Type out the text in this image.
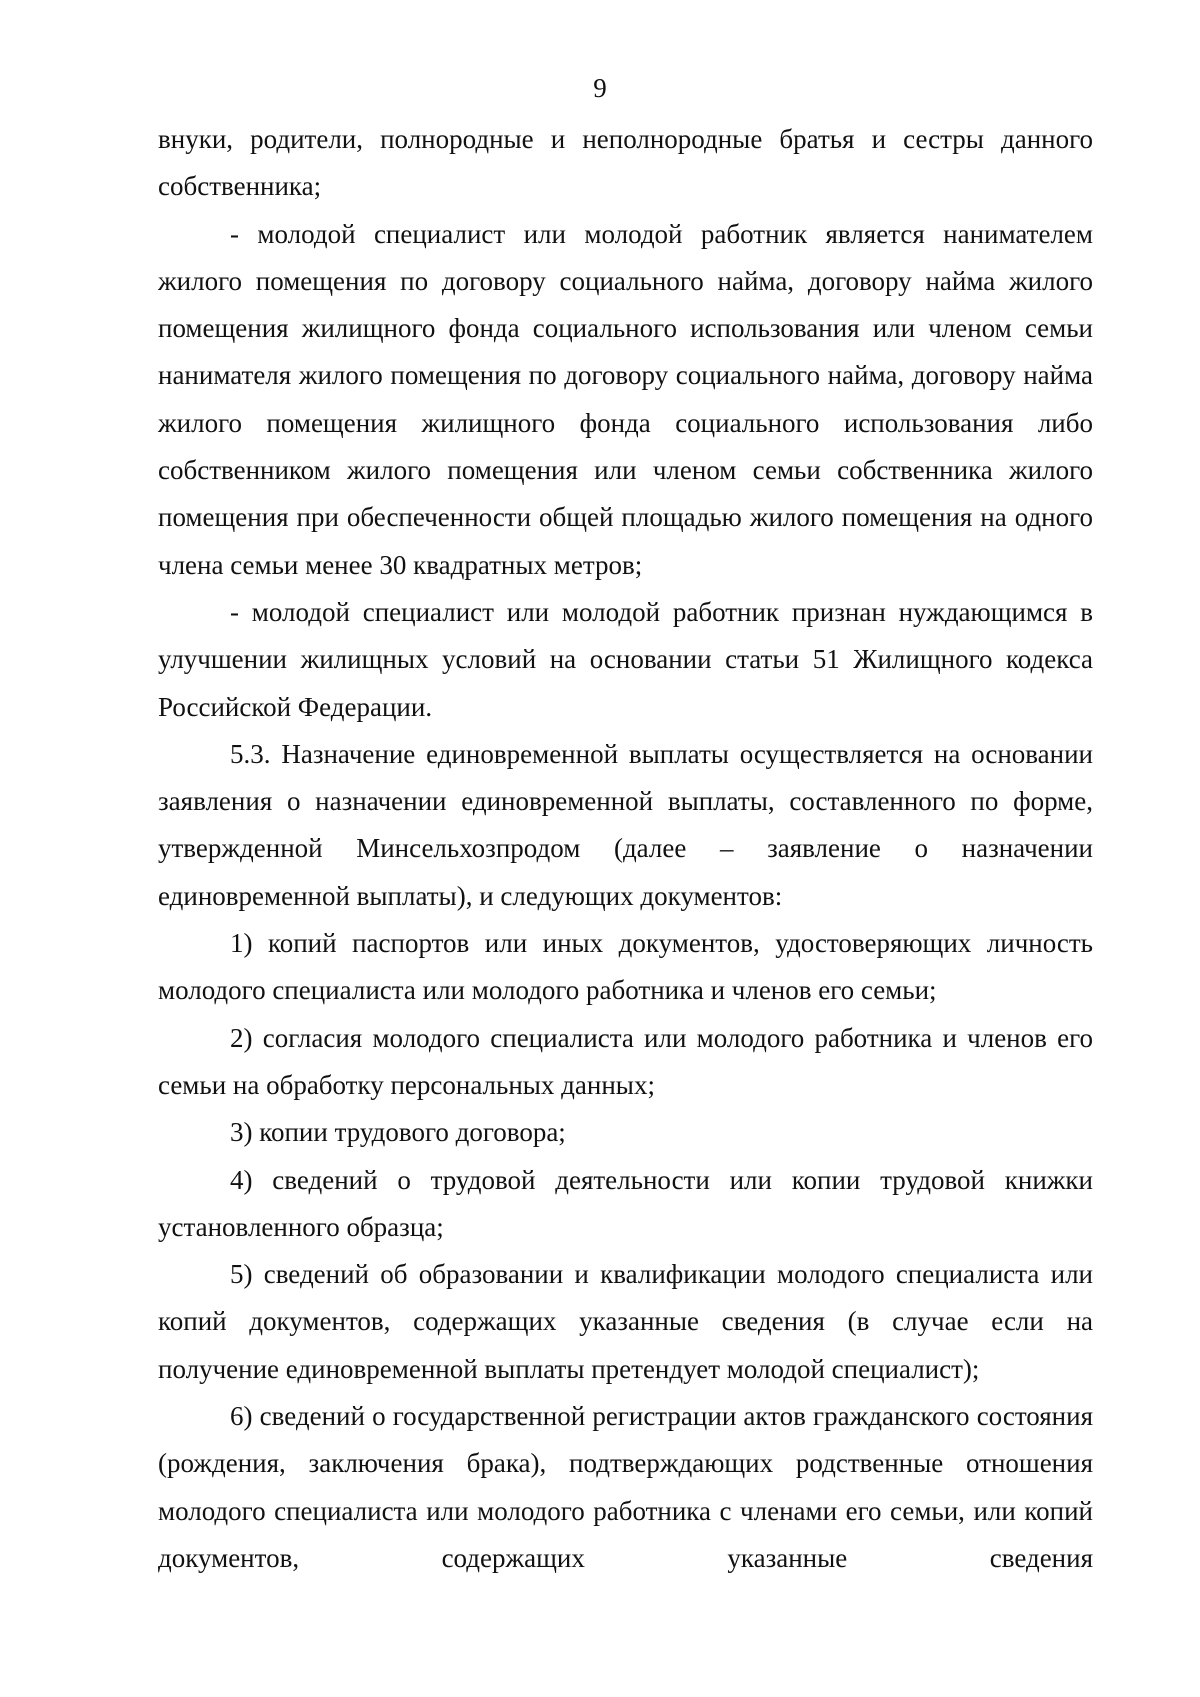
9

внуки, родители, полнородные и неполнородные братья и сестры данного собственника;

- молодой специалист или молодой работник является нанимателем жилого помещения по договору социального найма, договору найма жилого помещения жилищного фонда социального использования или членом семьи нанимателя жилого помещения по договору социального найма, договору найма жилого помещения жилищного фонда социального использования либо собственником жилого помещения или членом семьи собственника жилого помещения при обеспеченности общей площадью жилого помещения на одного члена семьи менее 30 квадратных метров;

- молодой специалист или молодой работник признан нуждающимся в улучшении жилищных условий на основании статьи 51 Жилищного кодекса Российской Федерации.

5.3. Назначение единовременной выплаты осуществляется на основании заявления о назначении единовременной выплаты, составленного по форме, утвержденной Минсельхозпродом (далее – заявление о назначении единовременной выплаты), и следующих документов:

1) копий паспортов или иных документов, удостоверяющих личность молодого специалиста или молодого работника и членов его семьи;

2) согласия молодого специалиста или молодого работника и членов его семьи на обработку персональных данных;

3) копии трудового договора;

4) сведений о трудовой деятельности или копии трудовой книжки установленного образца;

5) сведений об образовании и квалификации молодого специалиста или копий документов, содержащих указанные сведения (в случае если на получение единовременной выплаты претендует молодой специалист);

6) сведений о государственной регистрации актов гражданского состояния (рождения, заключения брака), подтверждающих родственные отношения молодого специалиста или молодого работника с членами его семьи, или копий документов, содержащих указанные сведения
